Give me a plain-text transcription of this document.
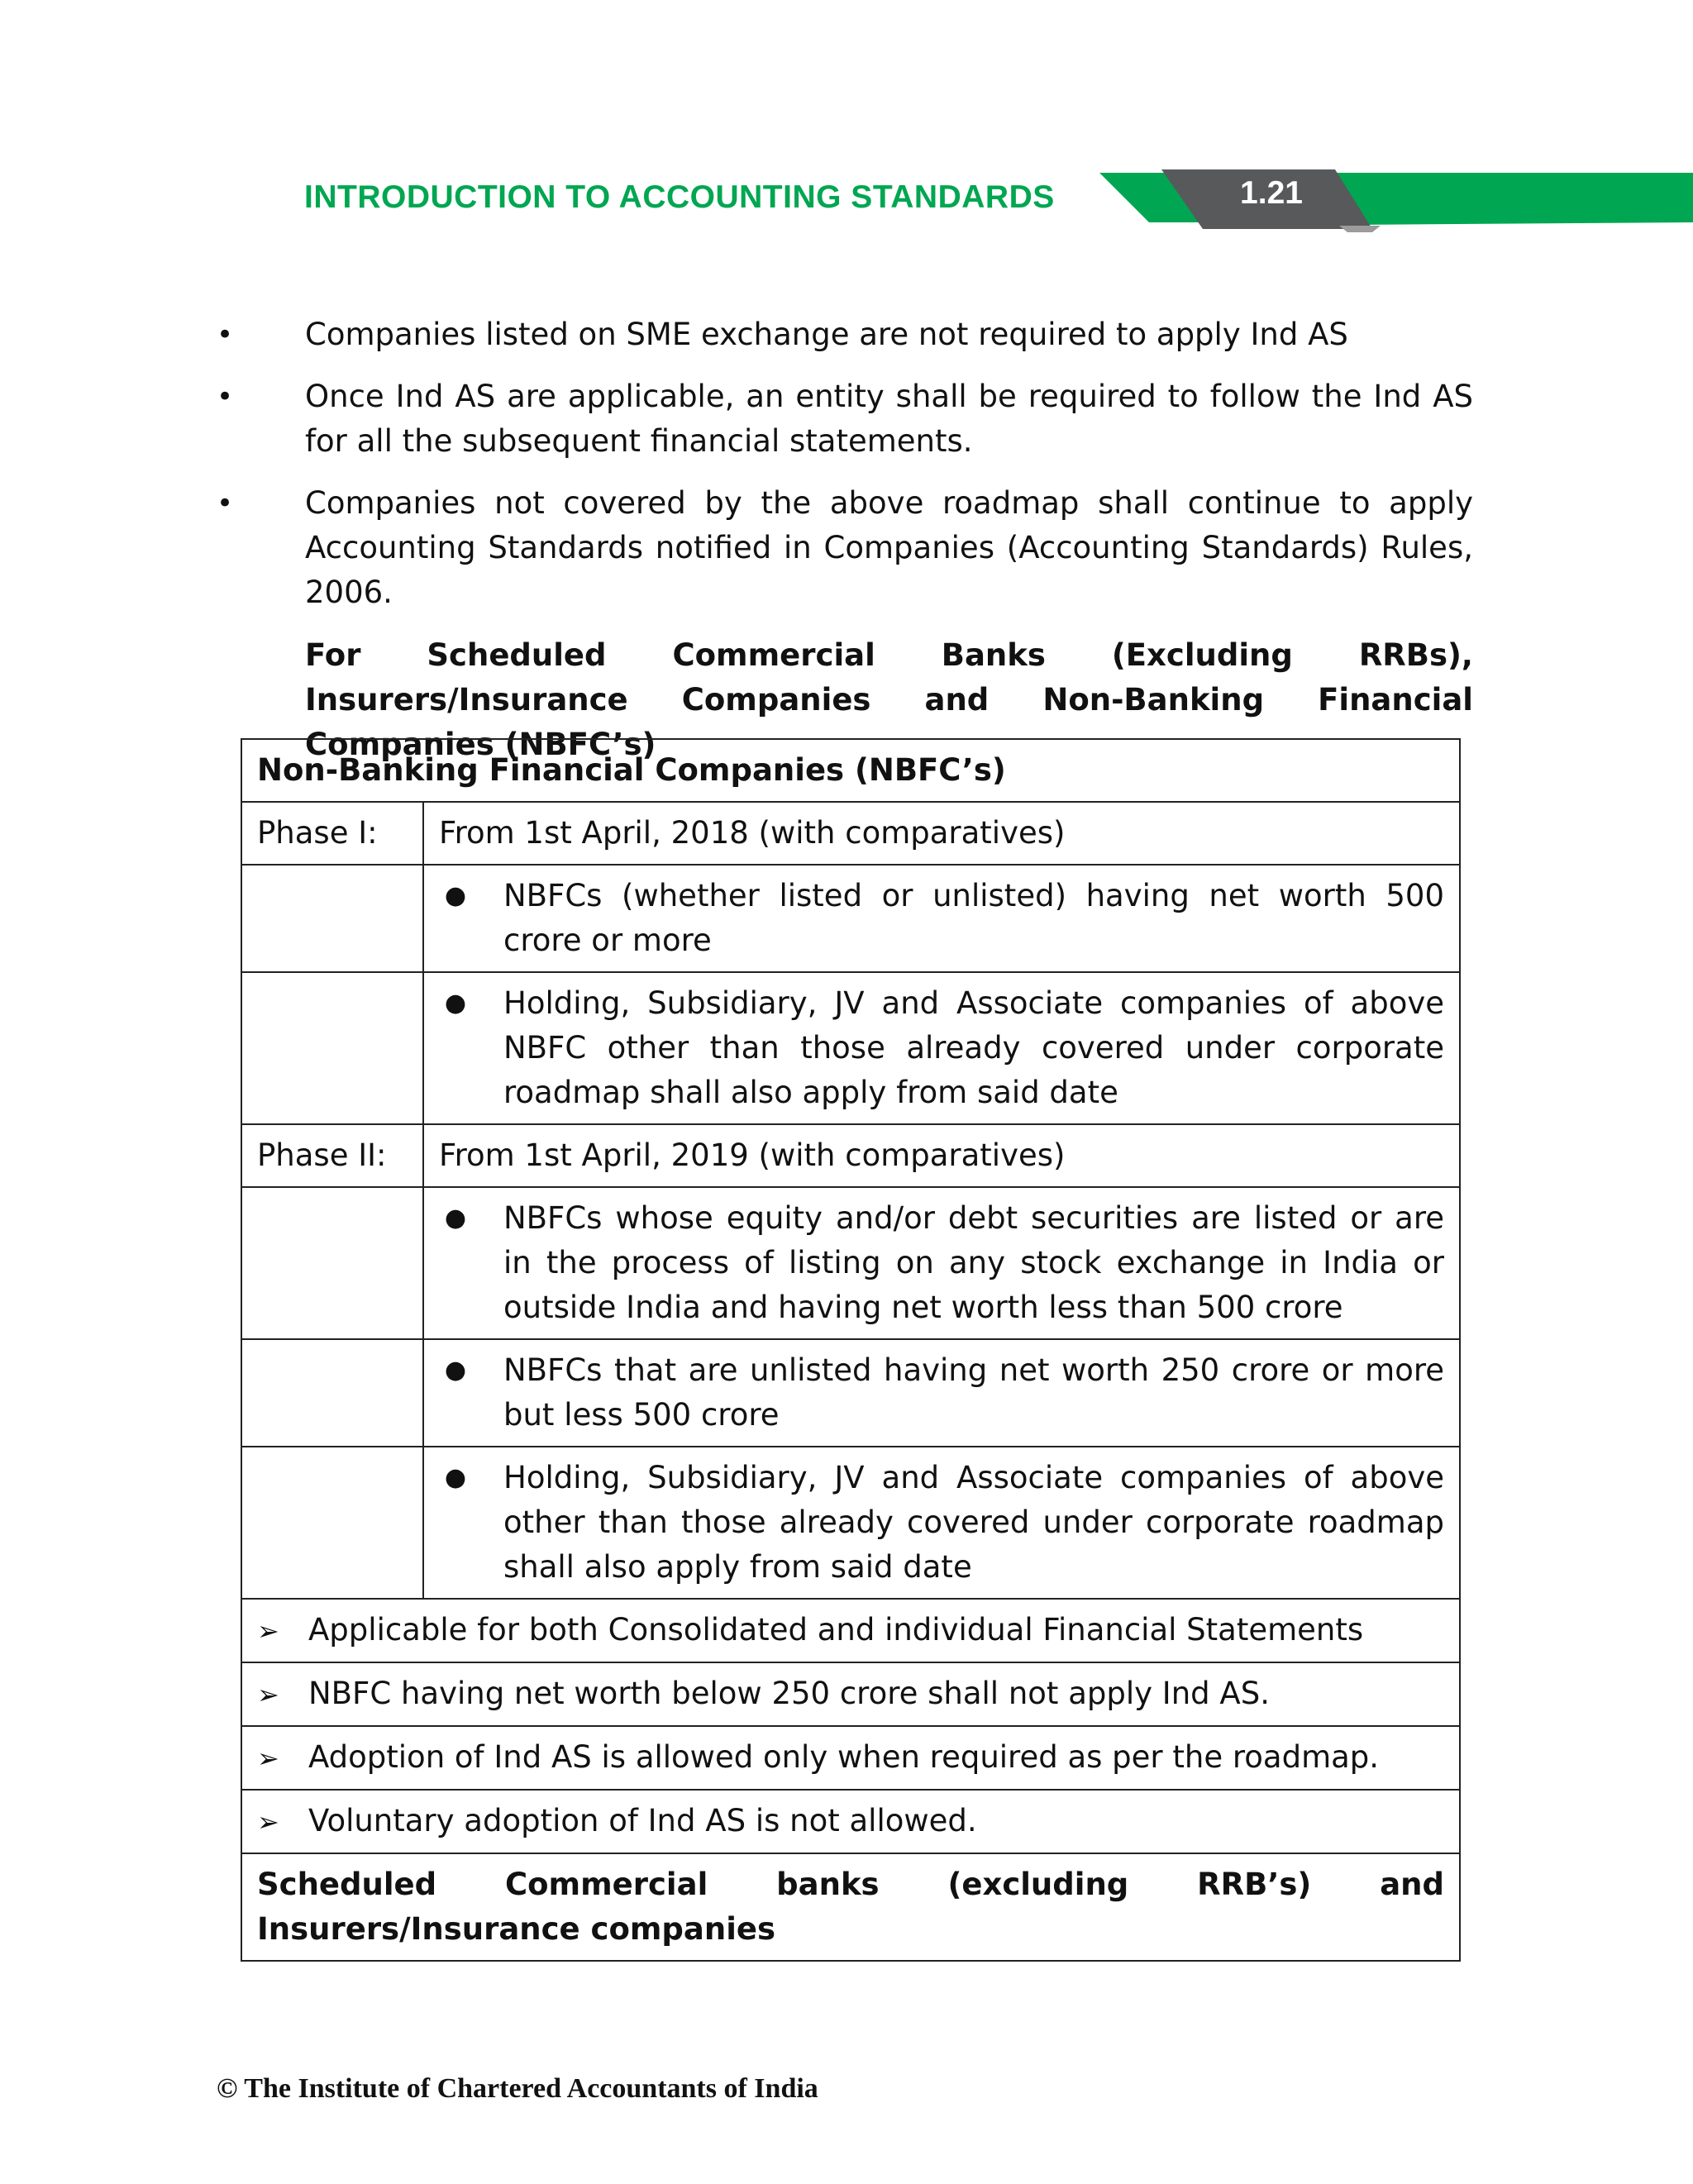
INTRODUCTION TO ACCOUNTING STANDARDS	1.21
• Companies listed on SME exchange are not required to apply Ind AS
• Once Ind AS are applicable, an entity shall be required to follow the Ind AS for all the subsequent financial statements.
• Companies not covered by the above roadmap shall continue to apply Accounting Standards notified in Companies (Accounting Standards) Rules, 2006.
For Scheduled Commercial Banks (Excluding RRBs), Insurers/Insurance Companies and Non-Banking Financial Companies (NBFC’s)
Non-Banking Financial Companies (NBFC’s)	
Phase I:	From 1st April, 2018 (with comparatives)

	● NBFCs (whether listed or unlisted) having net worth 500 crore or more

	● Holding, Subsidiary, JV and Associate companies of above NBFC other than those already covered under corporate roadmap shall also apply from said date

Phase II:	From 1st April, 2019 (with comparatives)

	● NBFCs whose equity and/or debt securities are listed or are in the process of listing on any stock exchange in India or outside India and having net worth less than 500 crore

	● NBFCs that are unlisted having net worth 250 crore or more but less 500 crore

	● Holding, Subsidiary, JV and Associate companies of above other than those already covered under corporate roadmap shall also apply from said date

➢ Applicable for both Consolidated and individual Financial Statements	
➢ NBFC having net worth below 250 crore shall not apply Ind AS.	
➢ Adoption of Ind AS is allowed only when required as per the roadmap.	
➢ Voluntary adoption of Ind AS is not allowed.	
Scheduled Commercial banks (excluding RRB’s) and Insurers/Insurance companies	
© The Institute of Chartered Accountants of India
